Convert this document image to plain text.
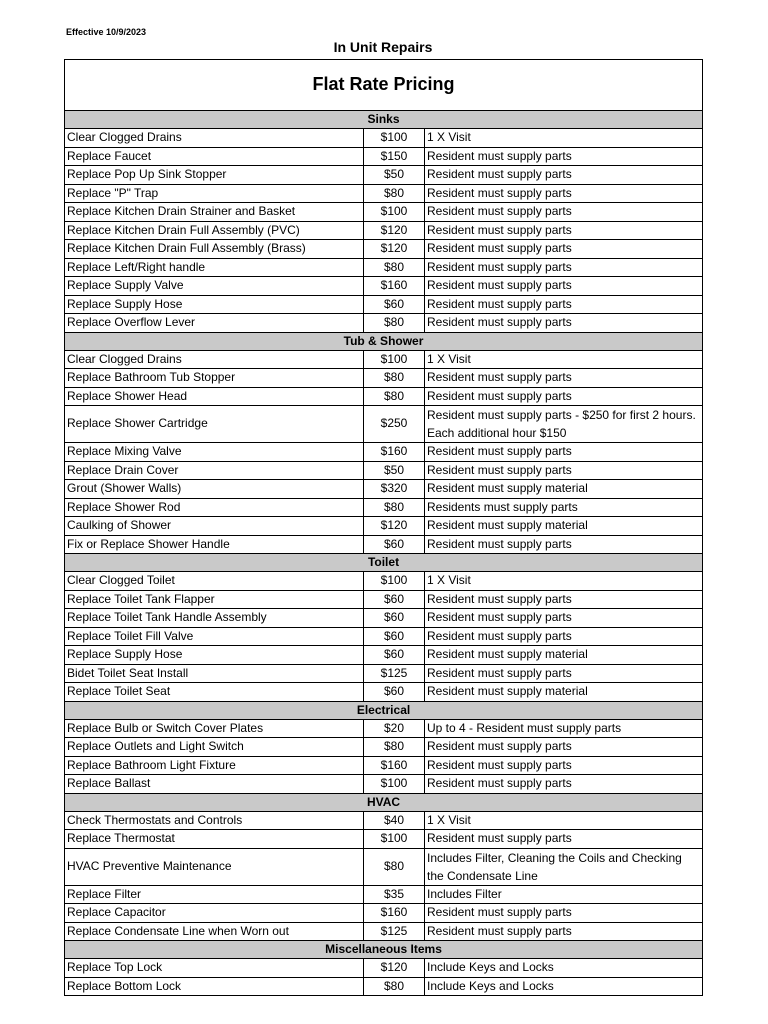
Effective 10/9/2023
In Unit Repairs
Flat Rate Pricing		
Sinks		
Clear Clogged Drains	$100	1 X Visit
Replace Faucet	$150	Resident must supply parts
Replace Pop Up Sink Stopper	$50	Resident must supply parts
Replace "P" Trap	$80	Resident must supply parts
Replace Kitchen Drain Strainer and Basket	$100	Resident must supply parts
Replace Kitchen Drain Full Assembly (PVC)	$120	Resident must supply parts
Replace Kitchen Drain Full Assembly (Brass)	$120	Resident must supply parts
Replace Left/Right handle	$80	Resident must supply parts
Replace Supply Valve	$160	Resident must supply parts
Replace Supply Hose	$60	Resident must supply parts
Replace Overflow Lever	$80	Resident must supply parts
Tub & Shower		
Clear Clogged Drains	$100	1 X Visit
Replace Bathroom Tub Stopper	$80	Resident must supply parts
Replace Shower Head	$80	Resident must supply parts
Replace Shower Cartridge	$250	Resident must supply parts - $250 for first 2 hours. Each additional hour $150
Replace Mixing Valve	$160	Resident must supply parts
Replace Drain Cover	$50	Resident must supply parts
Grout (Shower Walls)	$320	Resident must supply material
Replace Shower Rod	$80	Residents must supply parts
Caulking of Shower	$120	Resident must supply material
Fix or Replace Shower Handle	$60	Resident must supply parts
Toilet		
Clear Clogged Toilet	$100	1 X Visit
Replace Toilet Tank Flapper	$60	Resident must supply parts
Replace Toilet Tank Handle Assembly	$60	Resident must supply parts
Replace Toilet Fill Valve	$60	Resident must supply parts
Replace Supply Hose	$60	Resident must supply material
Bidet Toilet Seat Install	$125	Resident must supply parts
Replace Toilet Seat	$60	Resident must supply material
Electrical		
Replace Bulb or Switch Cover Plates	$20	Up to 4 - Resident must supply parts
Replace Outlets and Light Switch	$80	Resident must supply parts
Replace Bathroom Light Fixture	$160	Resident must supply parts
Replace Ballast	$100	Resident must supply parts
HVAC		
Check Thermostats and Controls	$40	1 X Visit
Replace Thermostat	$100	Resident must supply parts
HVAC Preventive Maintenance	$80	Includes Filter, Cleaning the Coils and Checking the Condensate Line
Replace Filter	$35	Includes Filter
Replace Capacitor	$160	Resident must supply parts
Replace Condensate Line when Worn out	$125	Resident must supply parts
Miscellaneous Items		
Replace Top Lock	$120	Include Keys and Locks
Replace Bottom Lock	$80	Include Keys and Locks
